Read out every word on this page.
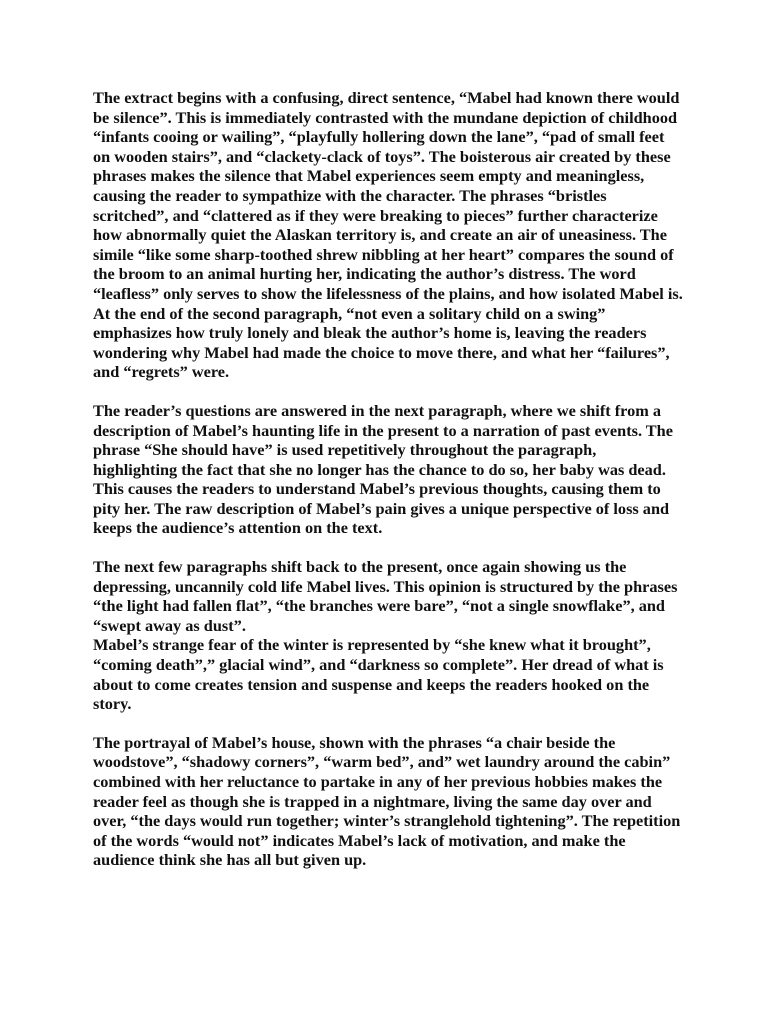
The extract begins with a confusing, direct sentence, “Mabel had known there would be silence”. This is immediately contrasted with the mundane depiction of childhood “infants cooing or wailing”, “playfully hollering down the lane”, “pad of small feet on wooden stairs”, and “clackety-clack of toys”. The boisterous air created by these phrases makes the silence that Mabel experiences seem empty and meaningless, causing the reader to sympathize with the character. The phrases “bristles scritched”, and “clattered as if they were breaking to pieces” further characterize how abnormally quiet the Alaskan territory is, and create an air of uneasiness. The simile “like some sharp-toothed shrew nibbling at her heart” compares the sound of the broom to an animal hurting her, indicating the author’s distress. The word “leafless” only serves to show the lifelessness of the plains, and how isolated Mabel is. At the end of the second paragraph, “not even a solitary child on a swing” emphasizes how truly lonely and bleak the author’s home is, leaving the readers wondering why Mabel had made the choice to move there, and what her “failures”, and “regrets” were.

The reader’s questions are answered in the next paragraph, where we shift from a description of Mabel’s haunting life in the present to a narration of past events. The phrase “She should have” is used repetitively throughout the paragraph, highlighting the fact that she no longer has the chance to do so, her baby was dead. This causes the readers to understand Mabel’s previous thoughts, causing them to pity her. The raw description of Mabel’s pain gives a unique perspective of loss and keeps the audience’s attention on the text.

The next few paragraphs shift back to the present, once again showing us the depressing, uncannily cold life Mabel lives. This opinion is structured by the phrases “the light had fallen flat”, “the branches were bare”, “not a single snowflake”, and “swept away as dust”.

Mabel’s strange fear of the winter is represented by “she knew what it brought”, “coming death”,” glacial wind”, and “darkness so complete”. Her dread of what is about to come creates tension and suspense and keeps the readers hooked on the story.

The portrayal of Mabel’s house, shown with the phrases “a chair beside the woodstove”, “shadowy corners”, “warm bed”, and” wet laundry around the cabin” combined with her reluctance to partake in any of her previous hobbies makes the reader feel as though she is trapped in a nightmare, living the same day over and over, “the days would run together; winter’s stranglehold tightening”. The repetition of the words “would not” indicates Mabel’s lack of motivation, and make the audience think she has all but given up.
